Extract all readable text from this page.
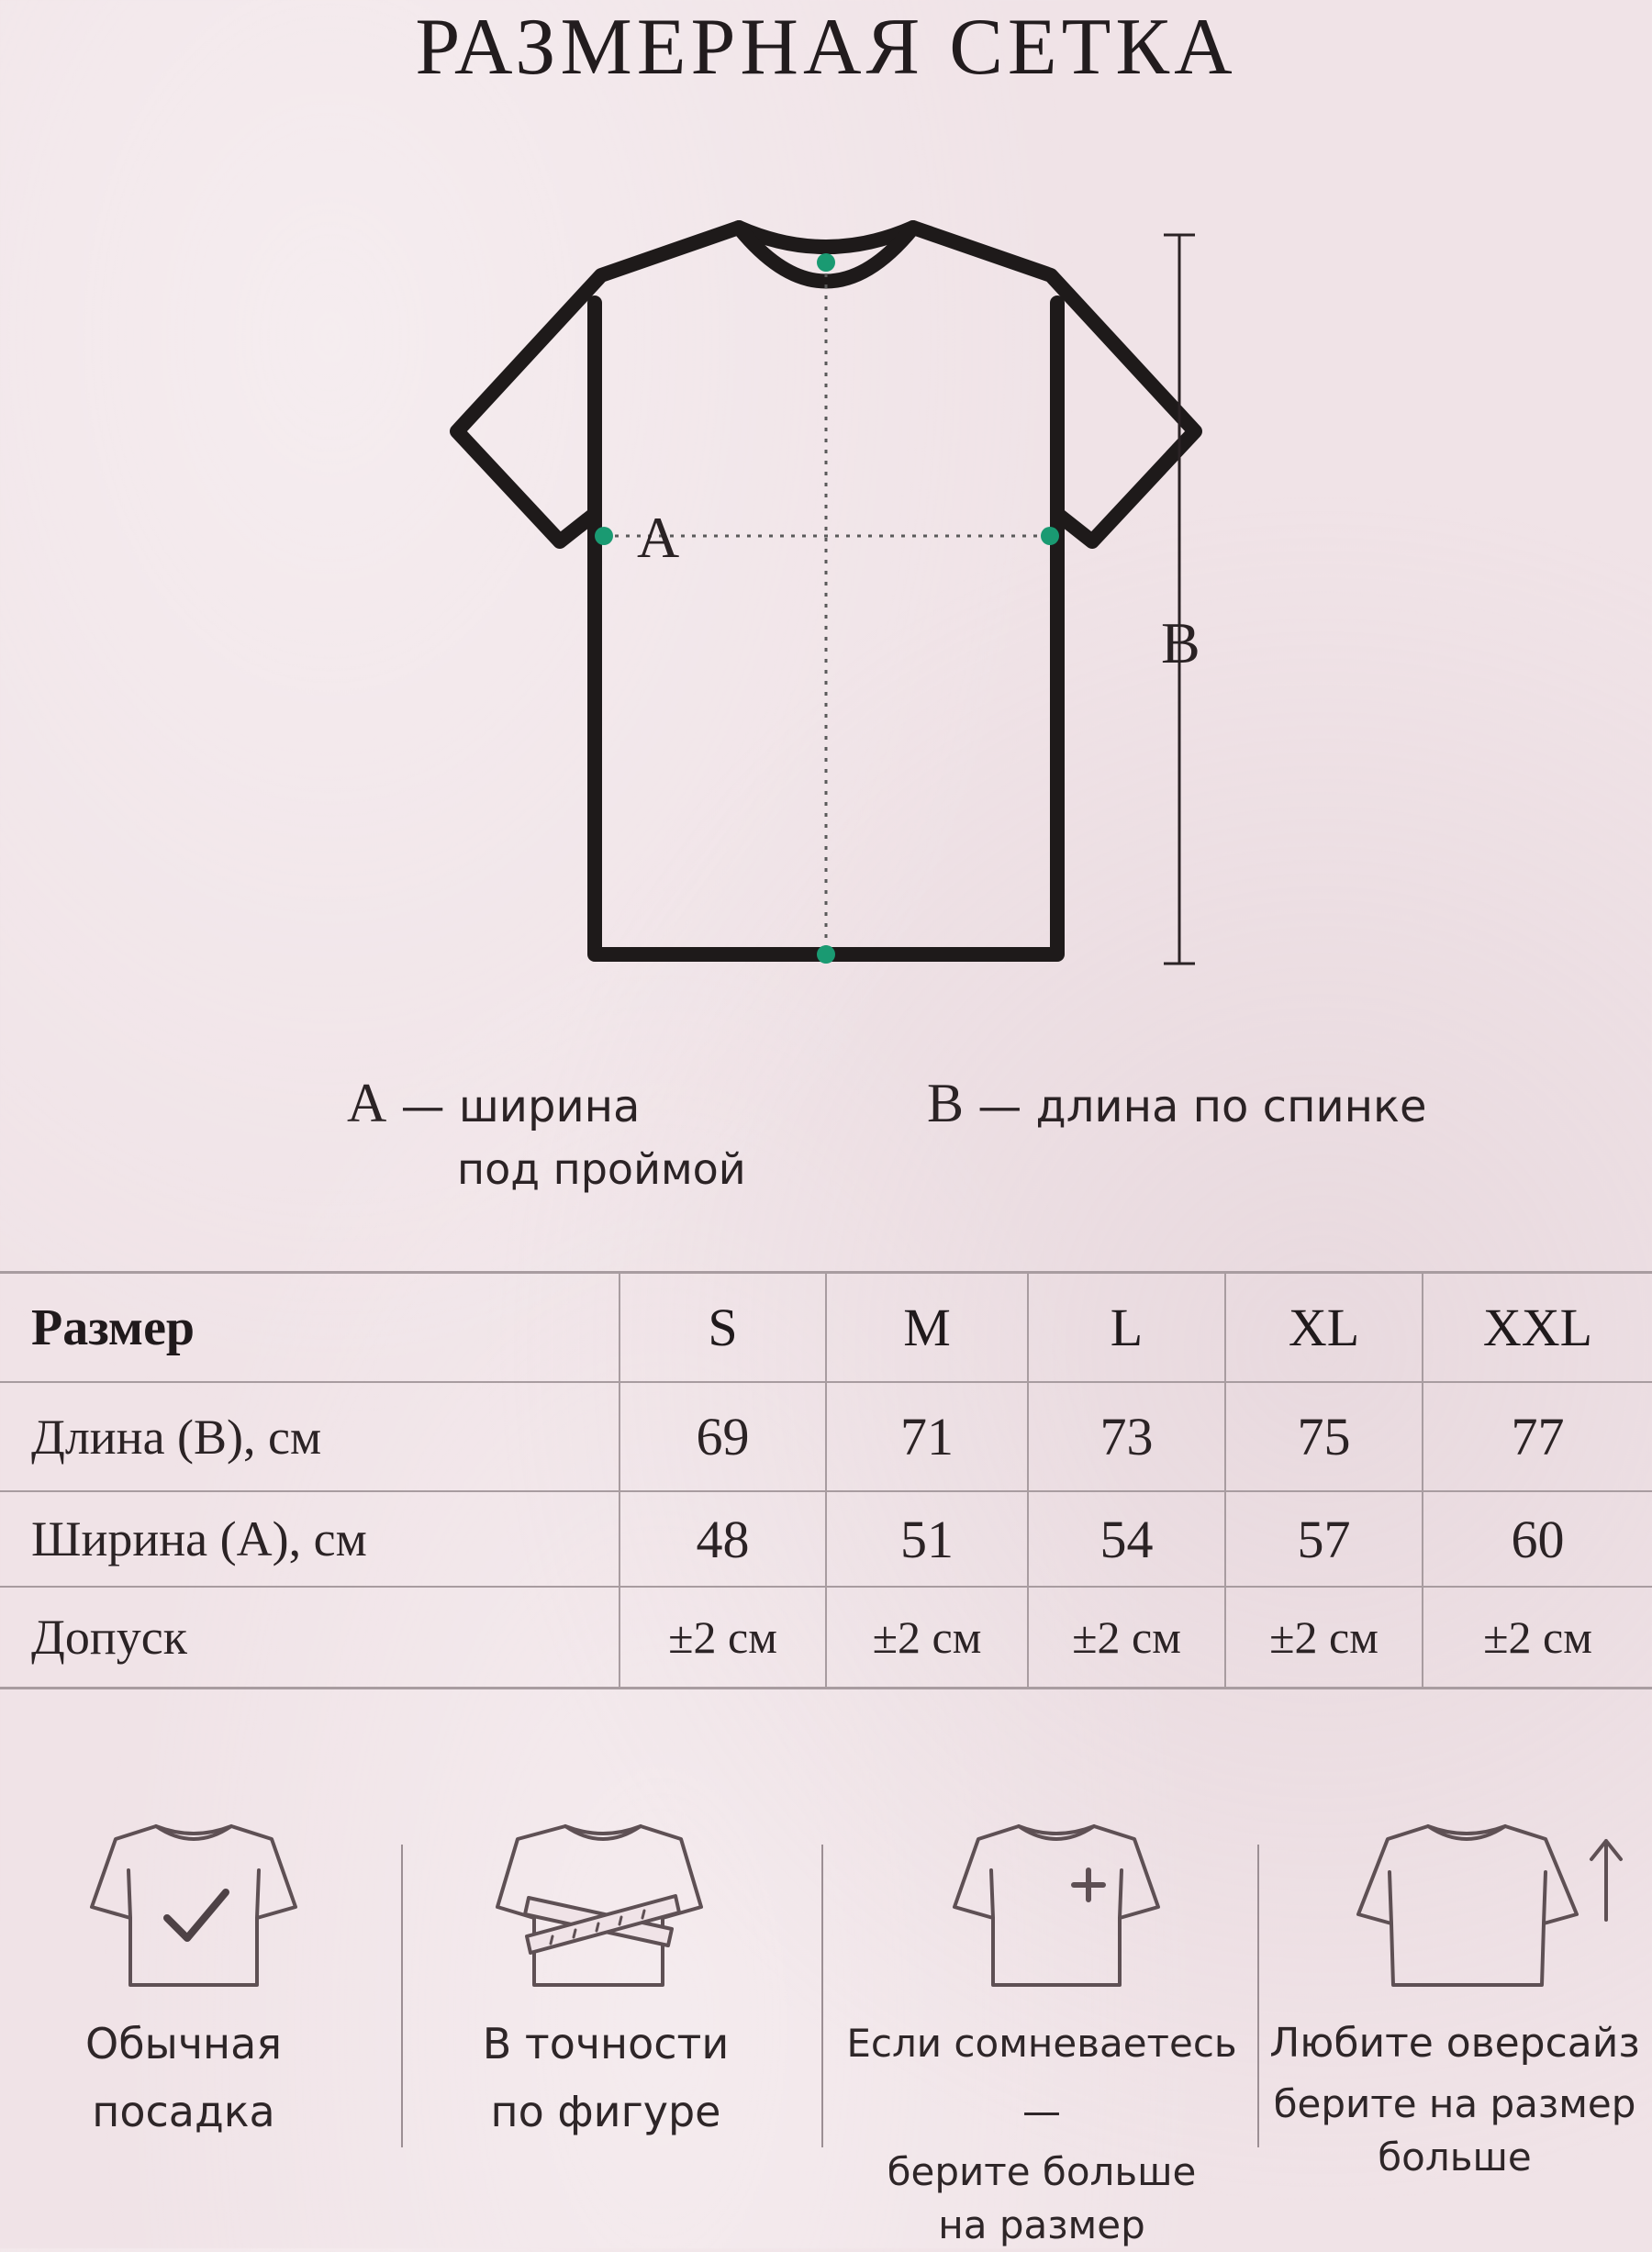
РАЗМЕРНАЯ СЕТКА
A
B
A — ширина
под проймой
B — длина по спинке
Размер	S	M	L	XL	XXL
Длина (В), см	69	71	73	75	77
Ширина (А), см	48	51	54	57	60
Допуск	±2 см	±2 см	±2 см	±2 см	±2 см
Обычная
посадка
В точности
по фигуре
Если сомневаетесь —
берите больше
на размер
Любите оверсайз
берите на размер
больше
